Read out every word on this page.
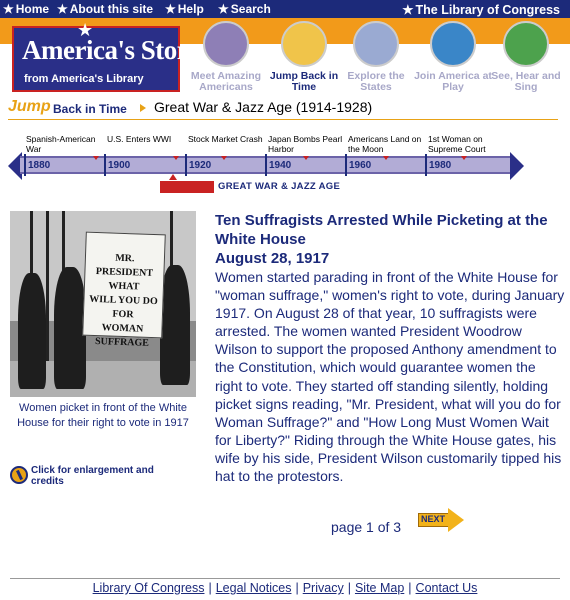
★ Home ★ About this site ★ Help ★ Search	★ The Library of Congress
★
America's Story
from America's Library	Meet Amazing Americans
Jump Back in Time
Explore the States
Join America at Play
See, Hear and Sing
Jump Back in Time Great War & Jazz Age (1914-1928)
Spanish-American War
U.S. Enters WWI	Stock Market Crash Japan Bombs Pearl Harbor
Americans Land on the Moon
1st Woman on Supreme Court
1880	1900	1920	1940	1960	1980
GREAT WAR & JAZZ AGE
MR. PRESIDENT
WHAT
WILL YOU DO
FOR
WOMAN SUFFRAGE
Women picket in front of the White House for their right to vote in 1917
Click for enlargement and credits
Ten Suffragists Arrested While Picketing at the White House
August 28, 1917
Women started parading in front of the White House for "woman suffrage," women's right to vote, during January 1917. On August 28 of that year, 10 suffragists were arrested. The women wanted President Woodrow Wilson to support the proposed Anthony amendment to the Constitution, which would guarantee women the right to vote. They started off standing silently, holding picket signs reading, "Mr. President, what will you do for Woman Suffrage?" and "How Long Must Women Wait for Liberty?" Riding through the White House gates, his wife by his side, President Wilson customarily tipped his hat to the protestors.
page 1 of 3 NEXT
Library Of Congress | Legal Notices | Privacy | Site Map | Contact Us
